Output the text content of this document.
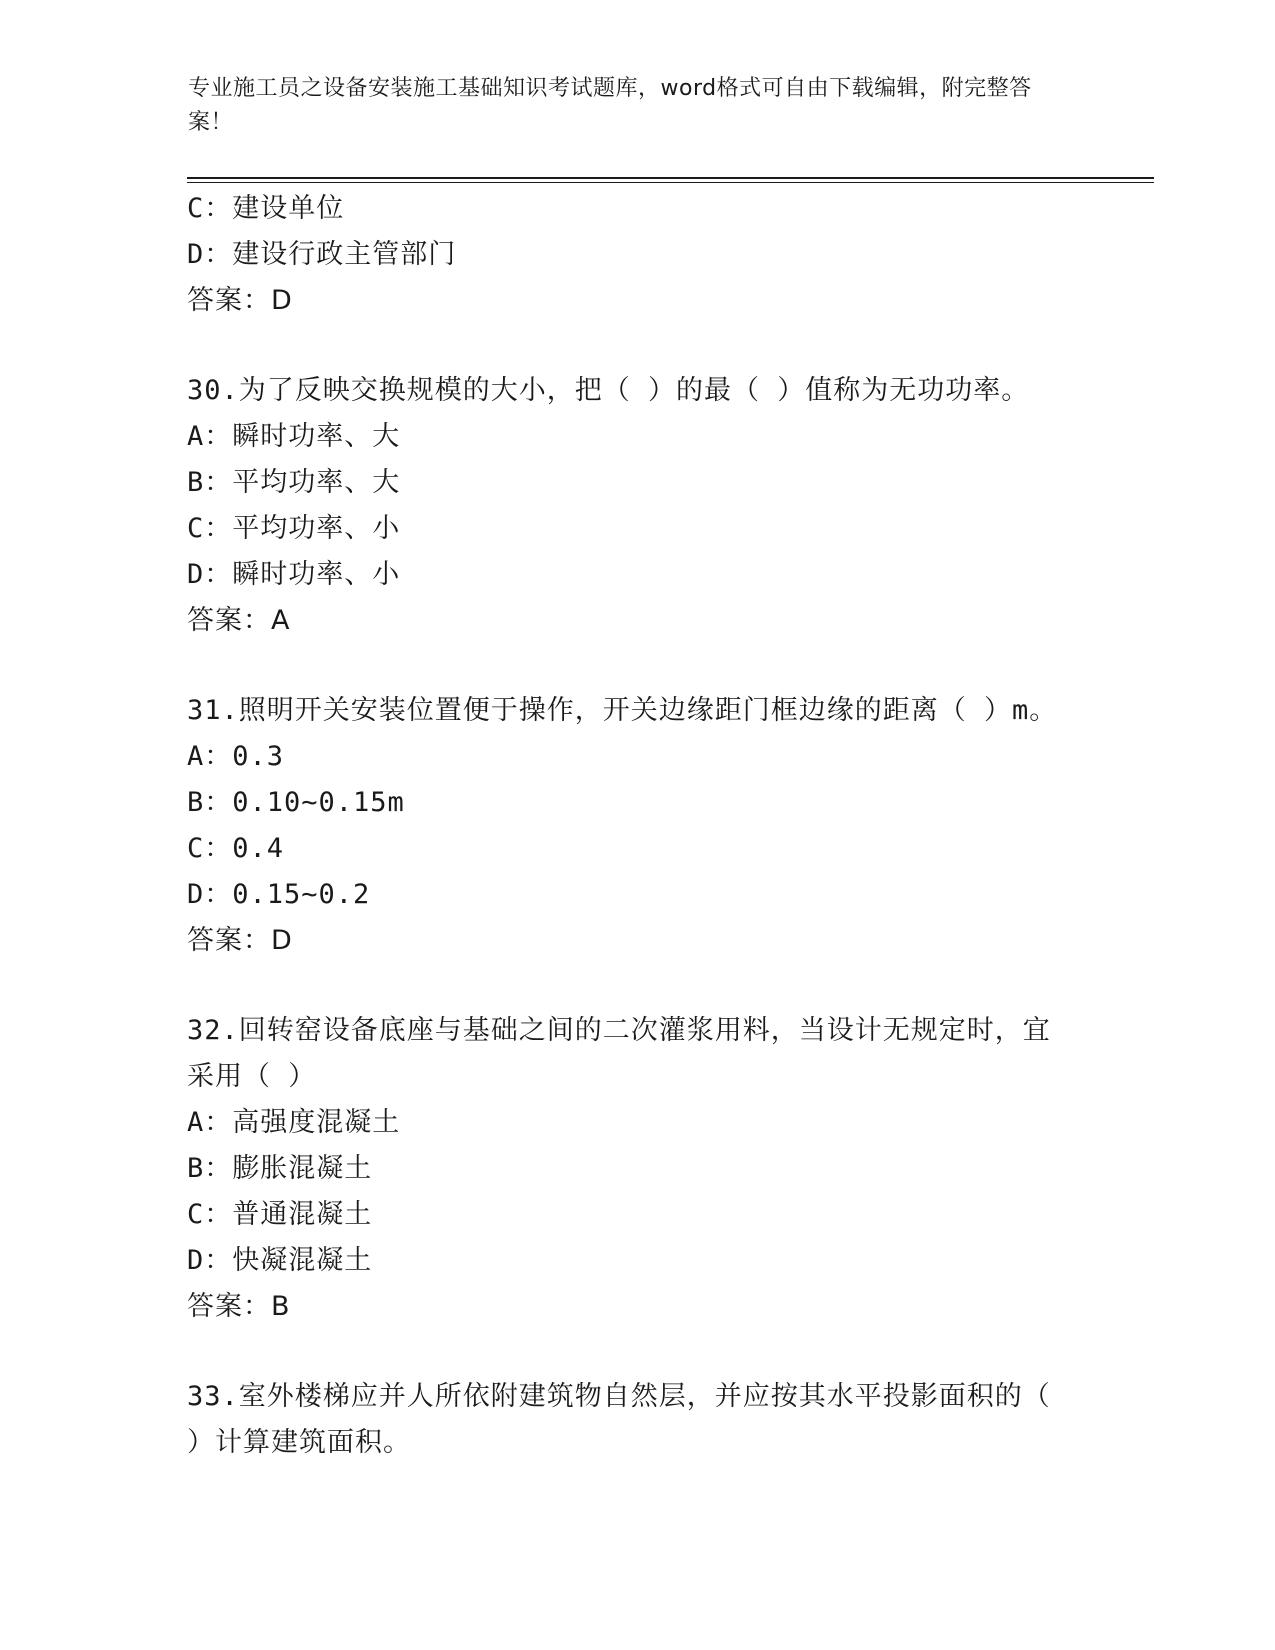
专业施工员之设备安装施工基础知识考试题库，word格式可自由下载编辑，附完整答案！
C：建设单位
D：建设行政主管部门
答案：D
30.为了反映交换规模的大小，把（ ）的最（ ）值称为无功功率。
A：瞬时功率、大
B：平均功率、大
C：平均功率、小
D：瞬时功率、小
答案：A
31.照明开关安装位置便于操作，开关边缘距门框边缘的距离（ ）m。
A：0.3
B：0.10~0.15m
C：0.4
D：0.15~0.2
答案：D
32.回转窑设备底座与基础之间的二次灌浆用料，当设计无规定时，宜采用（ ）
A：高强度混凝土
B：膨胀混凝土
C：普通混凝土
D：快凝混凝土
答案：B
33.室外楼梯应并人所依附建筑物自然层，并应按其水平投影面积的（ ）计算建筑面积。
